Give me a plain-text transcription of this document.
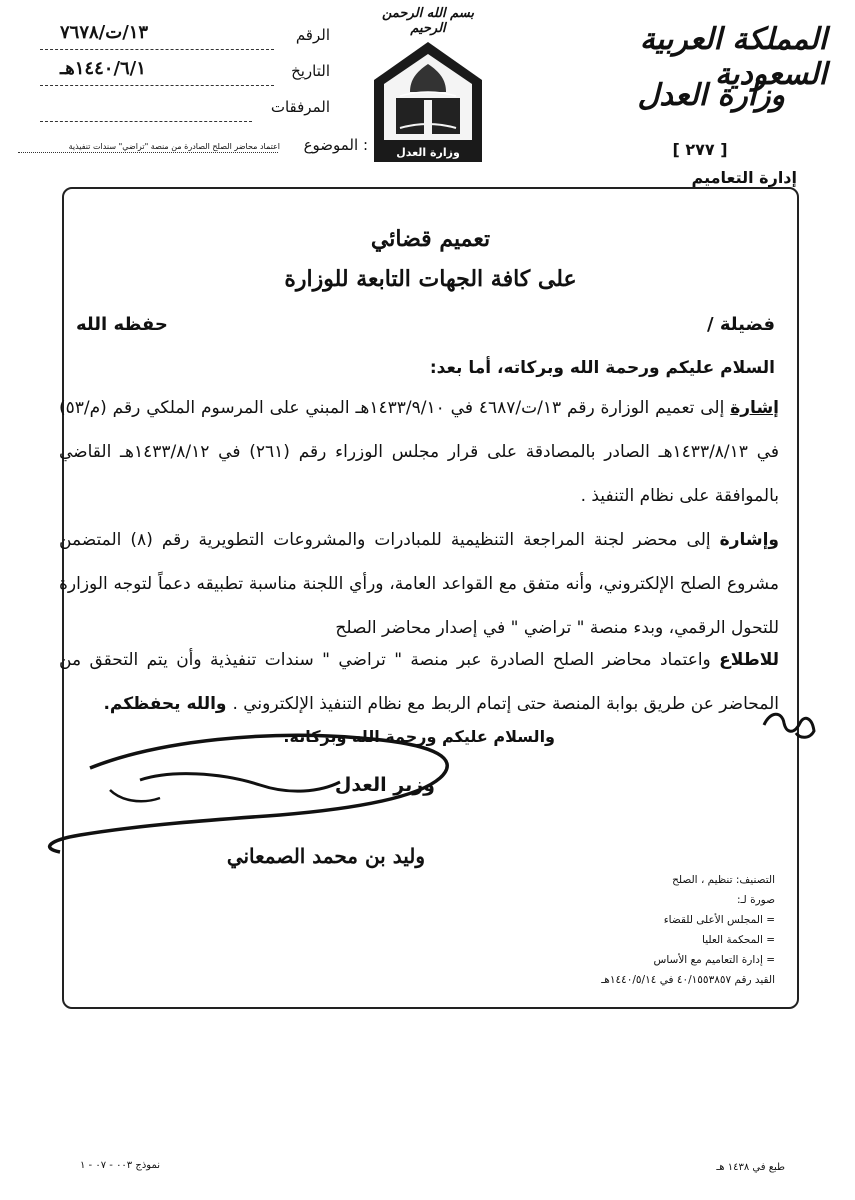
المملكة العربية السعودية
وزارة العدل
[ ٢٧٧ ]
إدارة التعاميم
بسم الله الرحمن الرحيم
وزارة العدل
الرقم
١٣/ت/٧٦٧٨
التاريخ
١٤٤٠/٦/١هـ
المرفقات
الموضوع :
اعتماد محاضر الصلح الصادرة من منصة "تراضي" سندات تنفيذية
تعميم قضائي
على كافة الجهات التابعة للوزارة
فضيلة /
حفظه الله
السلام عليكم ورحمة الله وبركاته، أما بعد:
إشارة إلى تعميم الوزارة رقم ١٣/ت/٤٦٨٧ في ١٤٣٣/٩/١٠هـ المبني على المرسوم الملكي رقم (م/٥٣) في ١٤٣٣/٨/١٣هـ الصادر بالمصادقة على قرار مجلس الوزراء رقم (٢٦١) في ١٤٣٣/٨/١٢هـ القاضي بالموافقة على نظام التنفيذ .
وإشارة إلى محضر لجنة المراجعة التنظيمية للمبادرات والمشروعات التطويرية رقم (٨) المتضمن مشروع الصلح الإلكتروني، وأنه متفق مع القواعد العامة، ورأي اللجنة مناسبة تطبيقه دعماً لتوجه الوزارة للتحول الرقمي، وبدء منصة " تراضي " في إصدار محاضر الصلح
للاطلاع واعتماد محاضر الصلح الصادرة عبر منصة " تراضي " سندات تنفيذية وأن يتم التحقق من المحاضر عن طريق بوابة المنصة حتى إتمام الربط مع نظام التنفيذ الإلكتروني . والله يحفظكم.
والسلام عليكم ورحمة الله وبركاته.
وزير العدل
وليد بن محمد الصمعاني
التصنيف: تنظيم ، الصلح
صورة لـ:
= المجلس الأعلى للقضاء
= المحكمة العليا
= إدارة التعاميم مع الأساس
القيد رقم ٤٠/١٥٥٣٨٥٧ في ١٤٤٠/٥/١٤هـ
طبع في ١٤٣٨ هـ
نموذج ٠٠٣ - ٠٧ - ١
